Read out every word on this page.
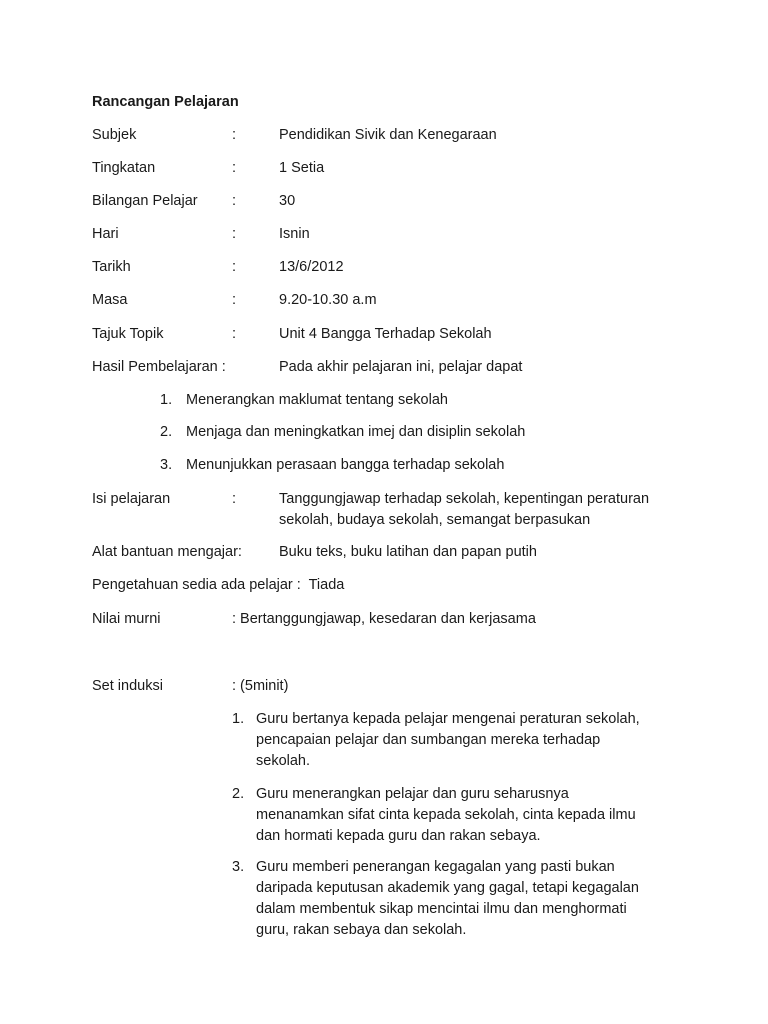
Rancangan Pelajaran
Subjek	:	Pendidikan Sivik dan Kenegaraan
Tingkatan	:	1 Setia
Bilangan Pelajar :	30
Hari	:	Isnin
Tarikh	:	13/6/2012
Masa	:	9.20-10.30 a.m
Tajuk Topik	:	Unit 4 Bangga Terhadap Sekolah
Hasil Pembelajaran :	Pada akhir pelajaran ini, pelajar dapat
1. Menerangkan maklumat tentang sekolah
2. Menjaga dan meningkatkan imej dan disiplin sekolah
3. Menunjukkan perasaan bangga terhadap sekolah
Isi pelajaran	:	Tanggungjawap terhadap sekolah, kepentingan peraturan
sekolah, budaya sekolah, semangat berpasukan
Alat bantuan mengajar:	Buku teks, buku latihan dan papan putih
Pengetahuan sedia ada pelajar :  Tiada
Nilai murni	: Bertanggungjawap, kesedaran dan kerjasama
Set induksi	: (5minit)
1. Guru bertanya kepada pelajar mengenai peraturan sekolah,
pencapaian pelajar dan sumbangan mereka terhadap
sekolah.
2. Guru menerangkan pelajar dan guru seharusnya
menanamkan sifat cinta kepada sekolah, cinta kepada ilmu
dan hormati kepada guru dan rakan sebaya.
3. Guru memberi penerangan kegagalan yang pasti bukan
daripada keputusan akademik yang gagal, tetapi kegagalan
dalam membentuk sikap mencintai ilmu dan menghormati
guru, rakan sebaya dan sekolah.
